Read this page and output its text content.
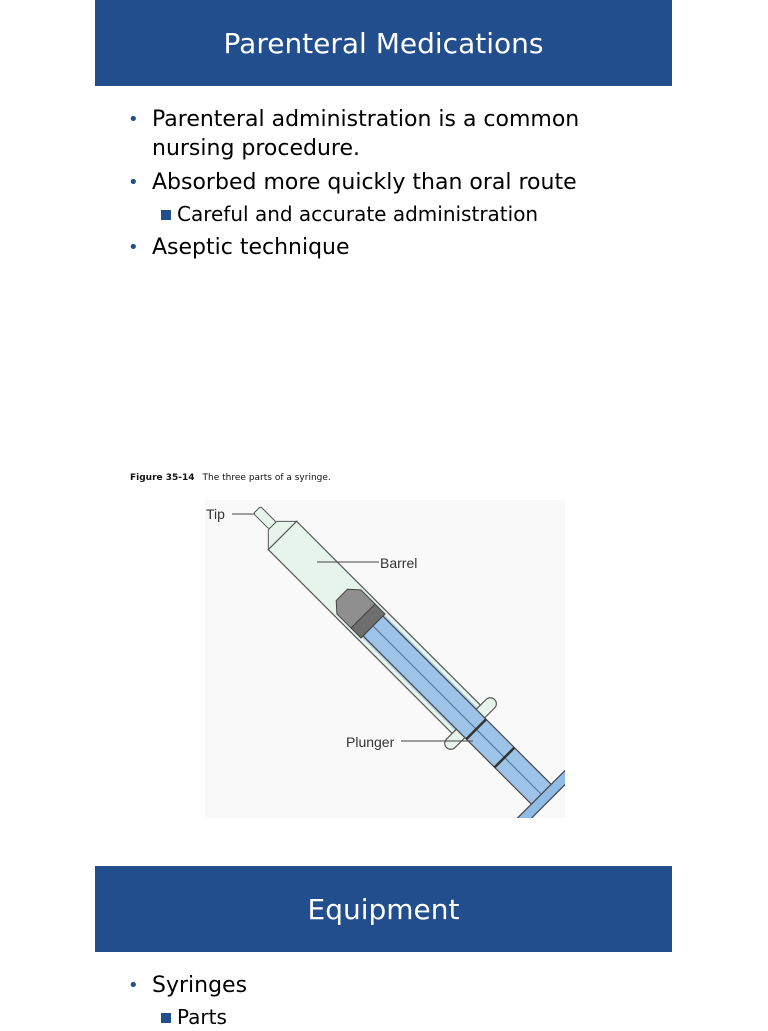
Parenteral Medications
• Parenteral administration is a common nursing procedure.
• Absorbed more quickly than oral route
Careful and accurate administration
• Aseptic technique
Figure 35-14 The three parts of a syringe.
Tip
Barrel
Plunger
Equipment
• Syringes
Parts
